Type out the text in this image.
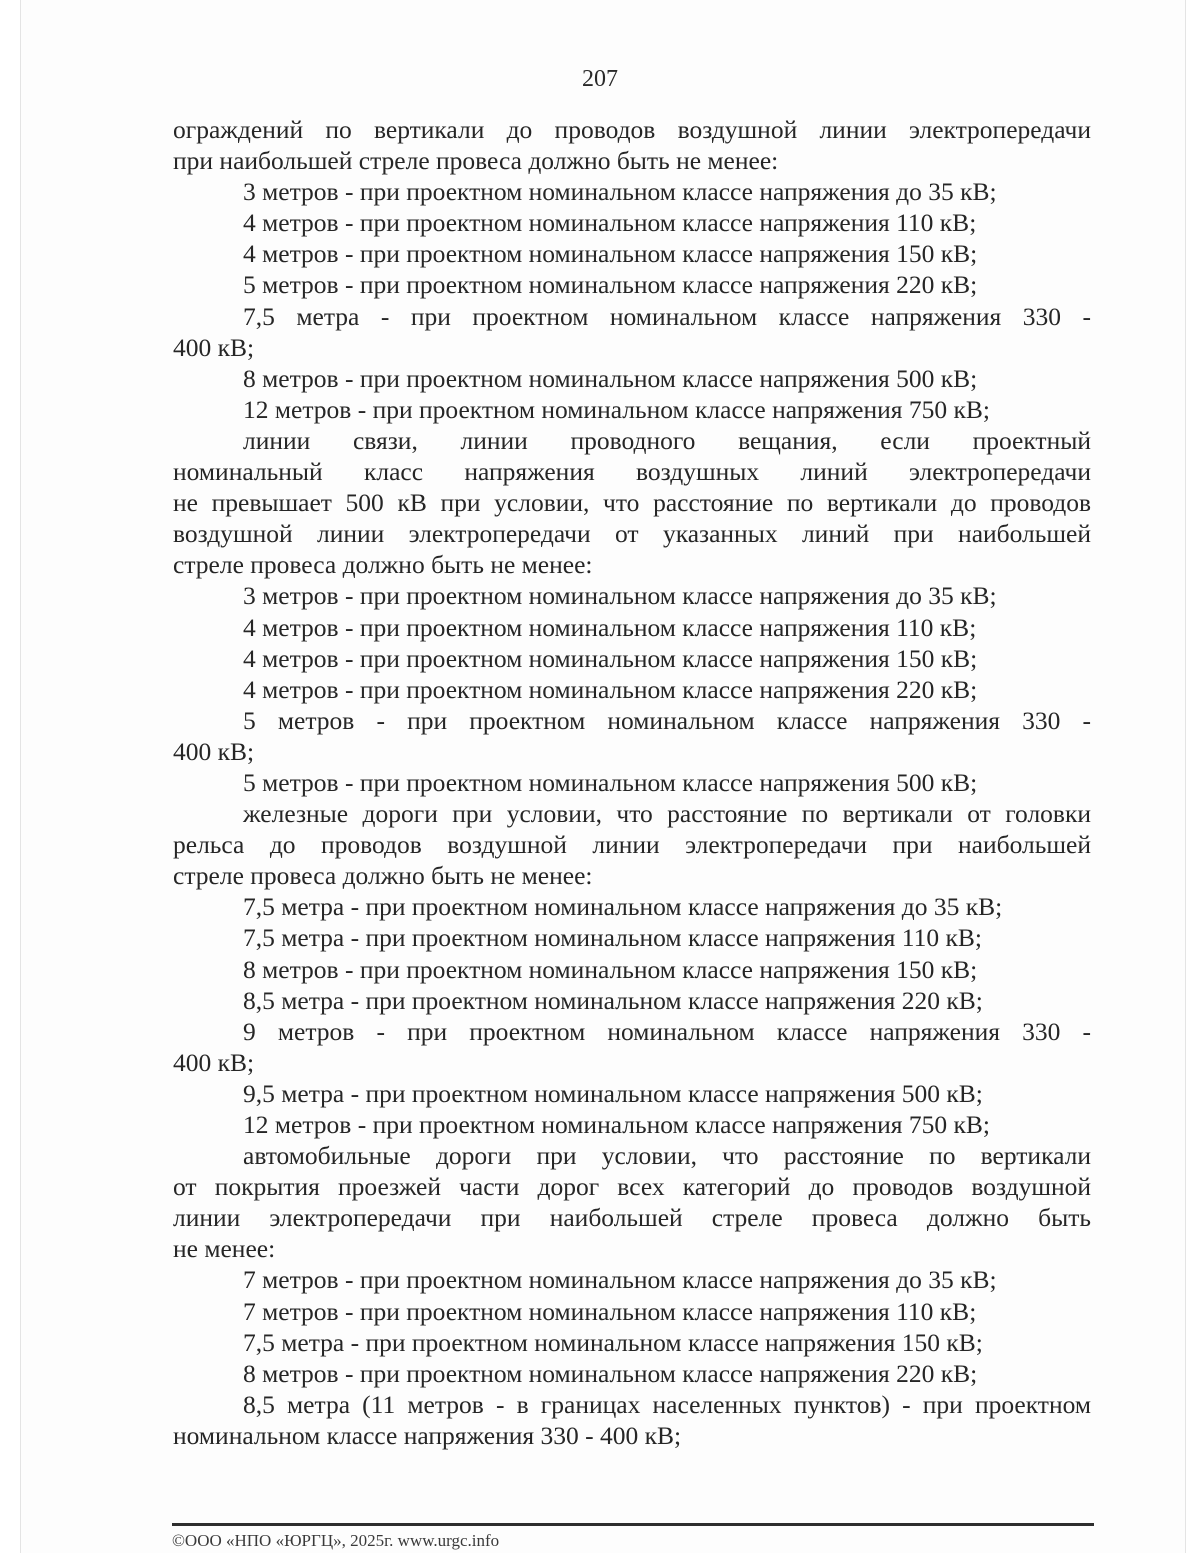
207
ограждений по вертикали до проводов воздушной линии электропередачи
при наибольшей стреле провеса должно быть не менее:
3 метров - при проектном номинальном классе напряжения до 35 кВ;
4 метров - при проектном номинальном классе напряжения 110 кВ;
4 метров - при проектном номинальном классе напряжения 150 кВ;
5 метров - при проектном номинальном классе напряжения 220 кВ;
7,5 метра - при проектном номинальном классе напряжения 330 -
400 кВ;
8 метров - при проектном номинальном классе напряжения 500 кВ;
12 метров - при проектном номинальном классе напряжения 750 кВ;
линии связи, линии проводного вещания, если проектный
номинальный класс напряжения воздушных линий электропередачи
не превышает 500 кВ при условии, что расстояние по вертикали до проводов
воздушной линии электропередачи от указанных линий при наибольшей
стреле провеса должно быть не менее:
3 метров - при проектном номинальном классе напряжения до 35 кВ;
4 метров - при проектном номинальном классе напряжения 110 кВ;
4 метров - при проектном номинальном классе напряжения 150 кВ;
4 метров - при проектном номинальном классе напряжения 220 кВ;
5 метров - при проектном номинальном классе напряжения 330 -
400 кВ;
5 метров - при проектном номинальном классе напряжения 500 кВ;
железные дороги при условии, что расстояние по вертикали от головки
рельса до проводов воздушной линии электропередачи при наибольшей
стреле провеса должно быть не менее:
7,5 метра - при проектном номинальном классе напряжения до 35 кВ;
7,5 метра - при проектном номинальном классе напряжения 110 кВ;
8 метров - при проектном номинальном классе напряжения 150 кВ;
8,5 метра - при проектном номинальном классе напряжения 220 кВ;
9 метров - при проектном номинальном классе напряжения 330 -
400 кВ;
9,5 метра - при проектном номинальном классе напряжения 500 кВ;
12 метров - при проектном номинальном классе напряжения 750 кВ;
автомобильные дороги при условии, что расстояние по вертикали
от покрытия проезжей части дорог всех категорий до проводов воздушной
линии электропередачи при наибольшей стреле провеса должно быть
не менее:
7 метров - при проектном номинальном классе напряжения до 35 кВ;
7 метров - при проектном номинальном классе напряжения 110 кВ;
7,5 метра - при проектном номинальном классе напряжения 150 кВ;
8 метров - при проектном номинальном классе напряжения 220 кВ;
8,5 метра (11 метров - в границах населенных пунктов) - при проектном
номинальном классе напряжения 330 - 400 кВ;
©ООО «НПО «ЮРГЦ», 2025г. www.urgc.info
